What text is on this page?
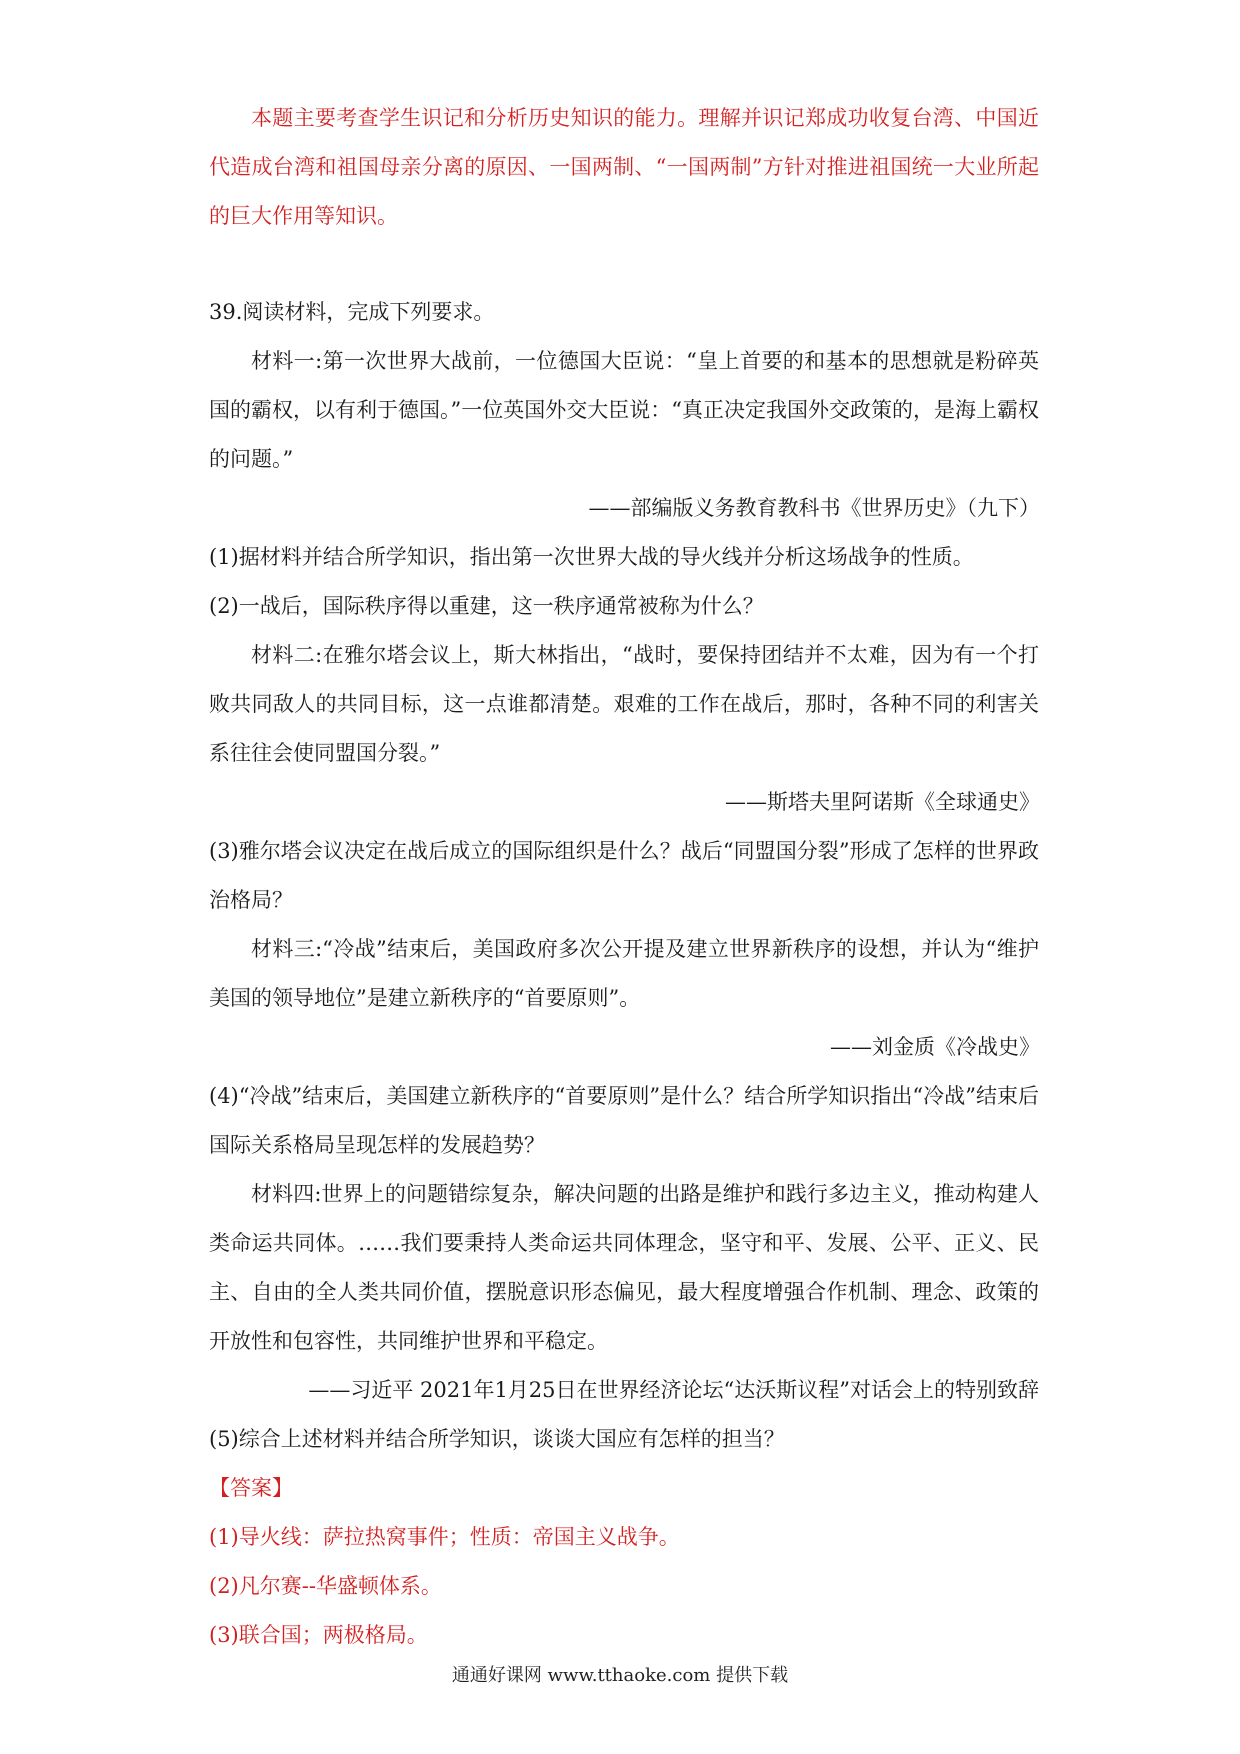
本题主要考查学生识记和分析历史知识的能力。理解并识记郑成功收复台湾、中国近代造成台湾和祖国母亲分离的原因、一国两制、“一国两制”方针对推进祖国统一大业所起的巨大作用等知识。

39.阅读材料，完成下列要求。

材料一:第一次世界大战前，一位德国大臣说：“皇上首要的和基本的思想就是粉碎英国的霸权，以有利于德国。”一位英国外交大臣说：“真正决定我国外交政策的，是海上霸权的问题。”

——部编版义务教育教科书《世界历史》（九下）

(1)据材料并结合所学知识，指出第一次世界大战的导火线并分析这场战争的性质。

(2)一战后，国际秩序得以重建，这一秩序通常被称为什么？

材料二:在雅尔塔会议上，斯大林指出，“战时，要保持团结并不太难，因为有一个打败共同敌人的共同目标，这一点谁都清楚。艰难的工作在战后，那时，各种不同的利害关系往往会使同盟国分裂。”

——斯塔夫里阿诺斯《全球通史》

(3)雅尔塔会议决定在战后成立的国际组织是什么？战后“同盟国分裂”形成了怎样的世界政治格局？

材料三:“冷战”结束后，美国政府多次公开提及建立世界新秩序的设想，并认为“维护美国的领导地位”是建立新秩序的“首要原则”。

——刘金质《冷战史》

(4)“冷战”结束后，美国建立新秩序的“首要原则”是什么？结合所学知识指出“冷战”结束后国际关系格局呈现怎样的发展趋势？

材料四:世界上的问题错综复杂，解决问题的出路是维护和践行多边主义，推动构建人类命运共同体。……我们要秉持人类命运共同体理念，坚守和平、发展、公平、正义、民主、自由的全人类共同价值，摆脱意识形态偏见，最大程度增强合作机制、理念、政策的开放性和包容性，共同维护世界和平稳定。

——习近平 2021年1月25日在世界经济论坛“达沃斯议程”对话会上的特别致辞

(5)综合上述材料并结合所学知识，谈谈大国应有怎样的担当？

【答案】

(1)导火线：萨拉热窝事件；性质：帝国主义战争。

(2)凡尔赛--华盛顿体系。

(3)联合国；两极格局。

通通好课网 www.tthaoke.com 提供下载
